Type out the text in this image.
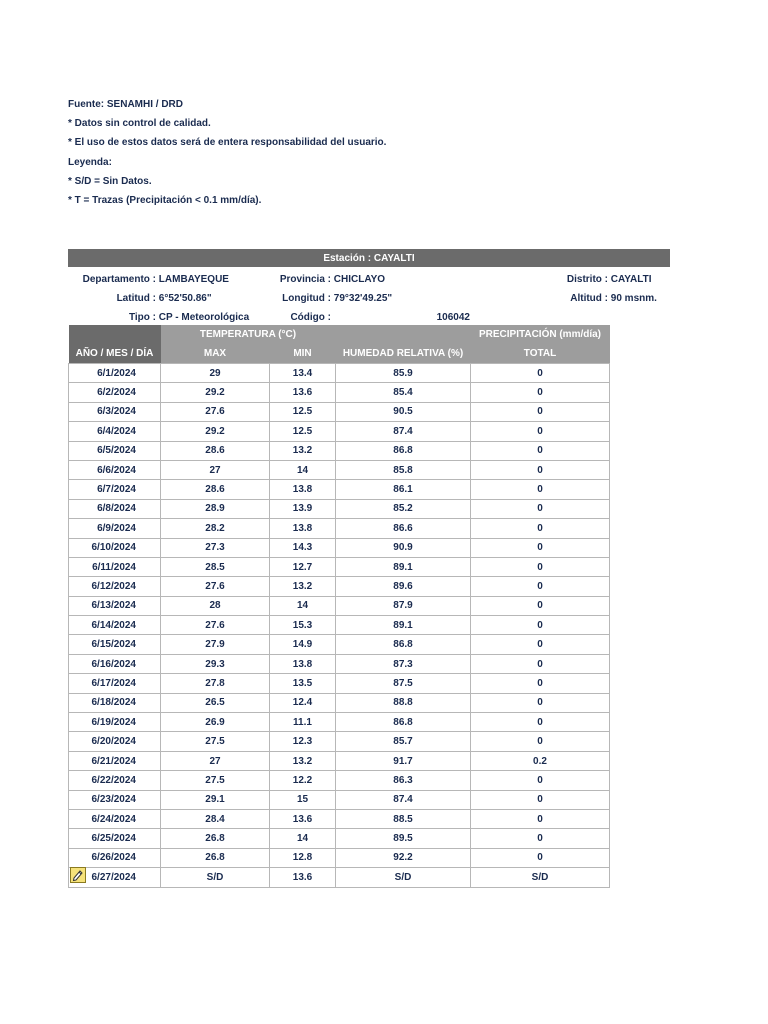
Fuente: SENAMHI / DRD
* Datos sin control de calidad.
* El uso de estos datos será de entera responsabilidad del usuario.
Leyenda:
* S/D = Sin Datos.
* T = Trazas (Precipitación < 0.1 mm/día).
Estación : CAYALTI
Departamento : LAMBAYEQUE	Provincia : CHICLAYO	Distrito : CAYALTI
Latitud : 6°52'50.86"	Longitud : 79°32'49.25"	Altitud : 90 msnm.
Tipo : CP - Meteorológica	Código :	106042
	TEMPERATURA (°C)			PRECIPITACIÓN (mm/día)
AÑO / MES / DÍA	MAX	MIN	HUMEDAD RELATIVA (%)	TOTAL
6/1/2024	29	13.4	85.9	0
6/2/2024	29.2	13.6	85.4	0
6/3/2024	27.6	12.5	90.5	0
6/4/2024	29.2	12.5	87.4	0
6/5/2024	28.6	13.2	86.8	0
6/6/2024	27	14	85.8	0
6/7/2024	28.6	13.8	86.1	0
6/8/2024	28.9	13.9	85.2	0
6/9/2024	28.2	13.8	86.6	0
6/10/2024	27.3	14.3	90.9	0
6/11/2024	28.5	12.7	89.1	0
6/12/2024	27.6	13.2	89.6	0
6/13/2024	28	14	87.9	0
6/14/2024	27.6	15.3	89.1	0
6/15/2024	27.9	14.9	86.8	0
6/16/2024	29.3	13.8	87.3	0
6/17/2024	27.8	13.5	87.5	0
6/18/2024	26.5	12.4	88.8	0
6/19/2024	26.9	11.1	86.8	0
6/20/2024	27.5	12.3	85.7	0
6/21/2024	27	13.2	91.7	0.2
6/22/2024	27.5	12.2	86.3	0
6/23/2024	29.1	15	87.4	0
6/24/2024	28.4	13.6	88.5	0
6/25/2024	26.8	14	89.5	0
6/26/2024	26.8	12.8	92.2	0
6/27/2024	S/D	13.6	S/D	S/D
